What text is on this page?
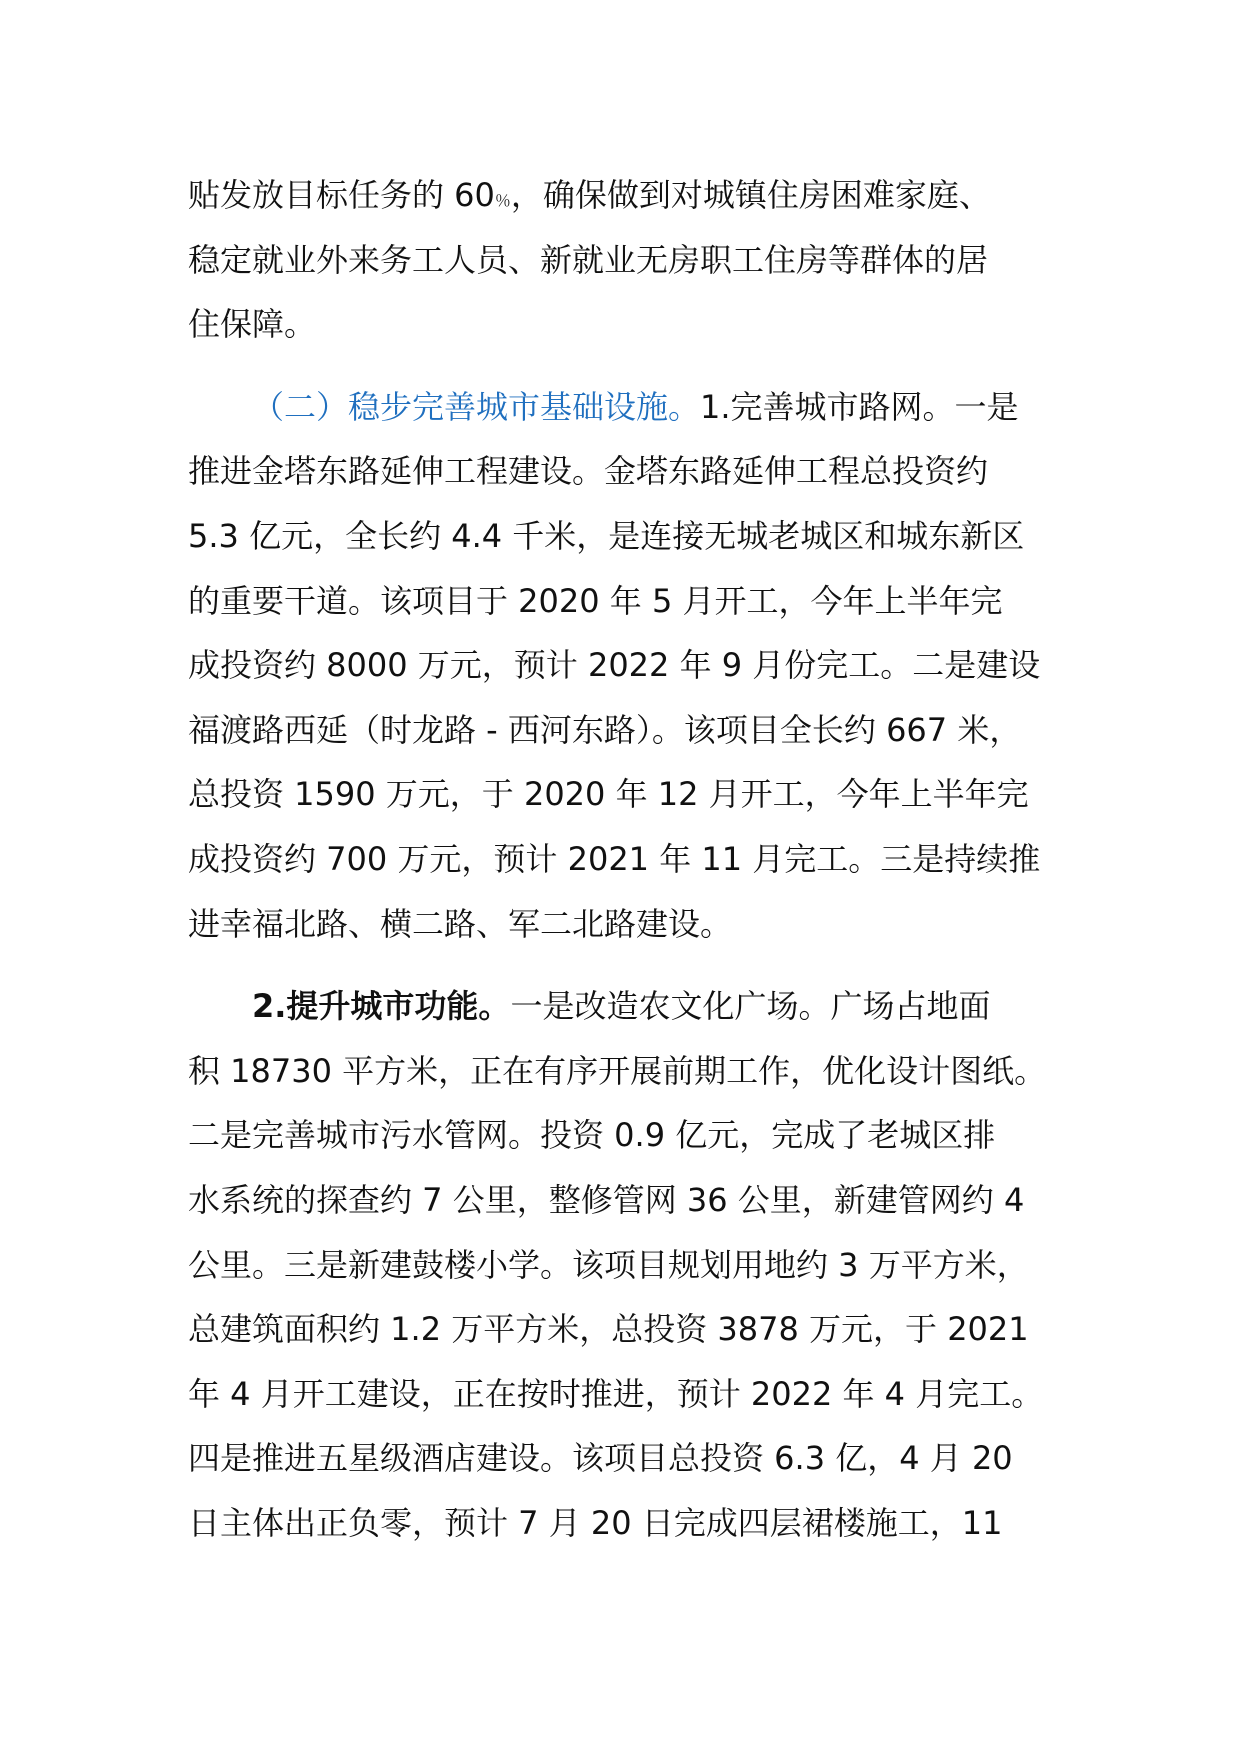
贴发放目标任务的 60％，确保做到对城镇住房困难家庭、
稳定就业外来务工人员、新就业无房职工住房等群体的居
住保障。
（二）稳步完善城市基础设施。1.完善城市路网。一是
推进金塔东路延伸工程建设。金塔东路延伸工程总投资约
5.3 亿元，全长约 4.4 千米，是连接无城老城区和城东新区
的重要干道。该项目于 2020 年 5 月开工，今年上半年完
成投资约 8000 万元，预计 2022 年 9 月份完工。二是建设
福渡路西延（时龙路 - 西河东路）。该项目全长约 667 米，
总投资 1590 万元，于 2020 年 12 月开工，今年上半年完
成投资约 700 万元，预计 2021 年 11 月完工。三是持续推
进幸福北路、横二路、军二北路建设。
2.提升城市功能。一是改造农文化广场。广场占地面
积 18730 平方米，正在有序开展前期工作，优化设计图纸。
二是完善城市污水管网。投资 0.9 亿元，完成了老城区排
水系统的探查约 7 公里，整修管网 36 公里，新建管网约 4
公里。三是新建鼓楼小学。该项目规划用地约 3 万平方米，
总建筑面积约 1.2 万平方米，总投资 3878 万元，于 2021
年 4 月开工建设，正在按时推进，预计 2022 年 4 月完工。
四是推进五星级酒店建设。该项目总投资 6.3 亿，4 月 20
日主体出正负零，预计 7 月 20 日完成四层裙楼施工，11
